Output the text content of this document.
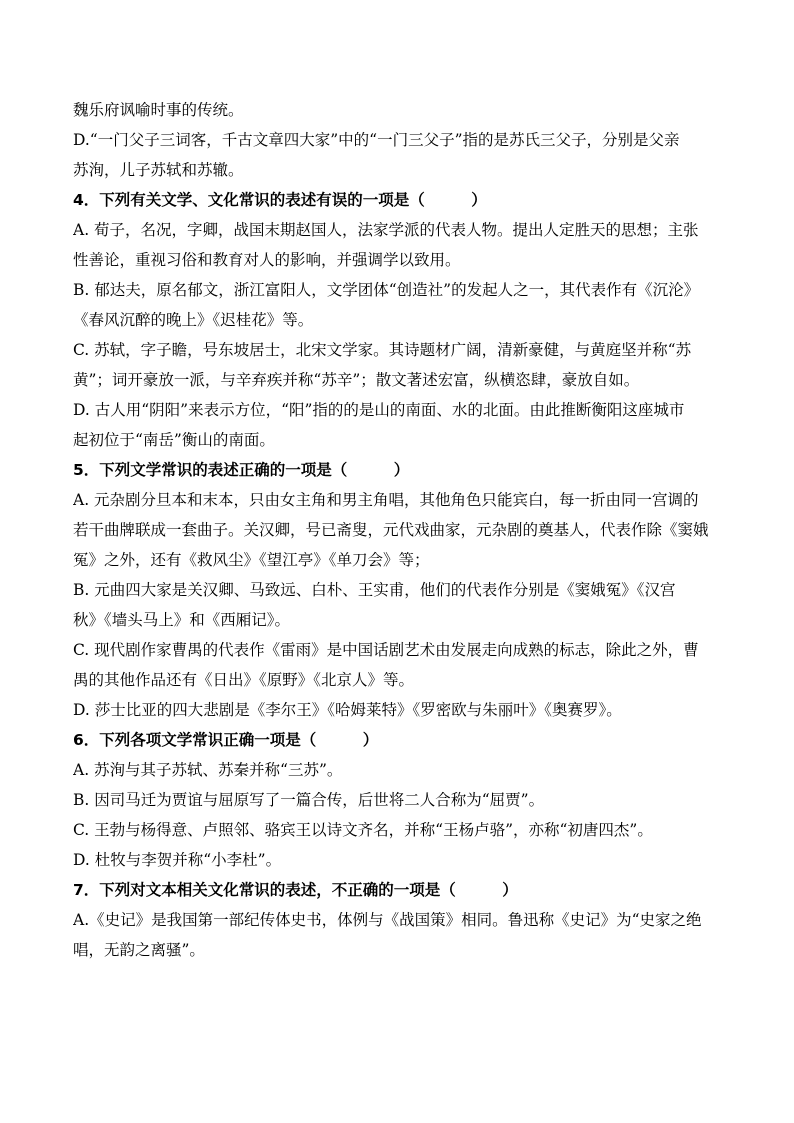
魏乐府讽喻时事的传统。
D.“一门父子三词客，千古文章四大家”中的“一门三父子”指的是苏氏三父子，分别是父亲
苏洵，儿子苏轼和苏辙。
4．下列有关文学、文化常识的表述有误的一项是（　　　）
A. 荀子，名况，字卿，战国末期赵国人，法家学派的代表人物。提出人定胜天的思想；主张
性善论，重视习俗和教育对人的影响，并强调学以致用。
B. 郁达夫，原名郁文，浙江富阳人，文学团体“创造社”的发起人之一，其代表作有《沉沦》
《春风沉醉的晚上》《迟桂花》等。
C. 苏轼，字子瞻，号东坡居士，北宋文学家。其诗题材广阔，清新豪健，与黄庭坚并称“苏
黄”；词开豪放一派，与辛弃疾并称“苏辛”；散文著述宏富，纵横恣肆，豪放自如。
D. 古人用“阴阳”来表示方位，“阳”指的的是山的南面、水的北面。由此推断衡阳这座城市
起初位于“南岳”衡山的南面。
5．下列文学常识的表述正确的一项是（　　　）
A. 元杂剧分旦本和末本，只由女主角和男主角唱，其他角色只能宾白，每一折由同一宫调的
若干曲牌联成一套曲子。关汉卿，号已斋叟，元代戏曲家，元杂剧的奠基人，代表作除《窦娥
冤》之外，还有《救风尘》《望江亭》《单刀会》等；
B. 元曲四大家是关汉卿、马致远、白朴、王实甫，他们的代表作分别是《窦娥冤》《汉宫
秋》《墙头马上》和《西厢记》。
C. 现代剧作家曹禺的代表作《雷雨》是中国话剧艺术由发展走向成熟的标志，除此之外，曹
禺的其他作品还有《日出》《原野》《北京人》等。
D. 莎士比亚的四大悲剧是《李尔王》《哈姆莱特》《罗密欧与朱丽叶》《奥赛罗》。
6．下列各项文学常识正确一项是（　　　）
A. 苏洵与其子苏轼、苏秦并称“三苏”。
B. 因司马迁为贾谊与屈原写了一篇合传，后世将二人合称为“屈贾”。
C. 王勃与杨得意、卢照邻、骆宾王以诗文齐名，并称“王杨卢骆”，亦称“初唐四杰”。
D. 杜牧与李贺并称“小李杜”。
7．下列对文本相关文化常识的表述，不正确的一项是（　　　）
A.《史记》是我国第一部纪传体史书，体例与《战国策》相同。鲁迅称《史记》为“史家之绝
唱，无韵之离骚”。
